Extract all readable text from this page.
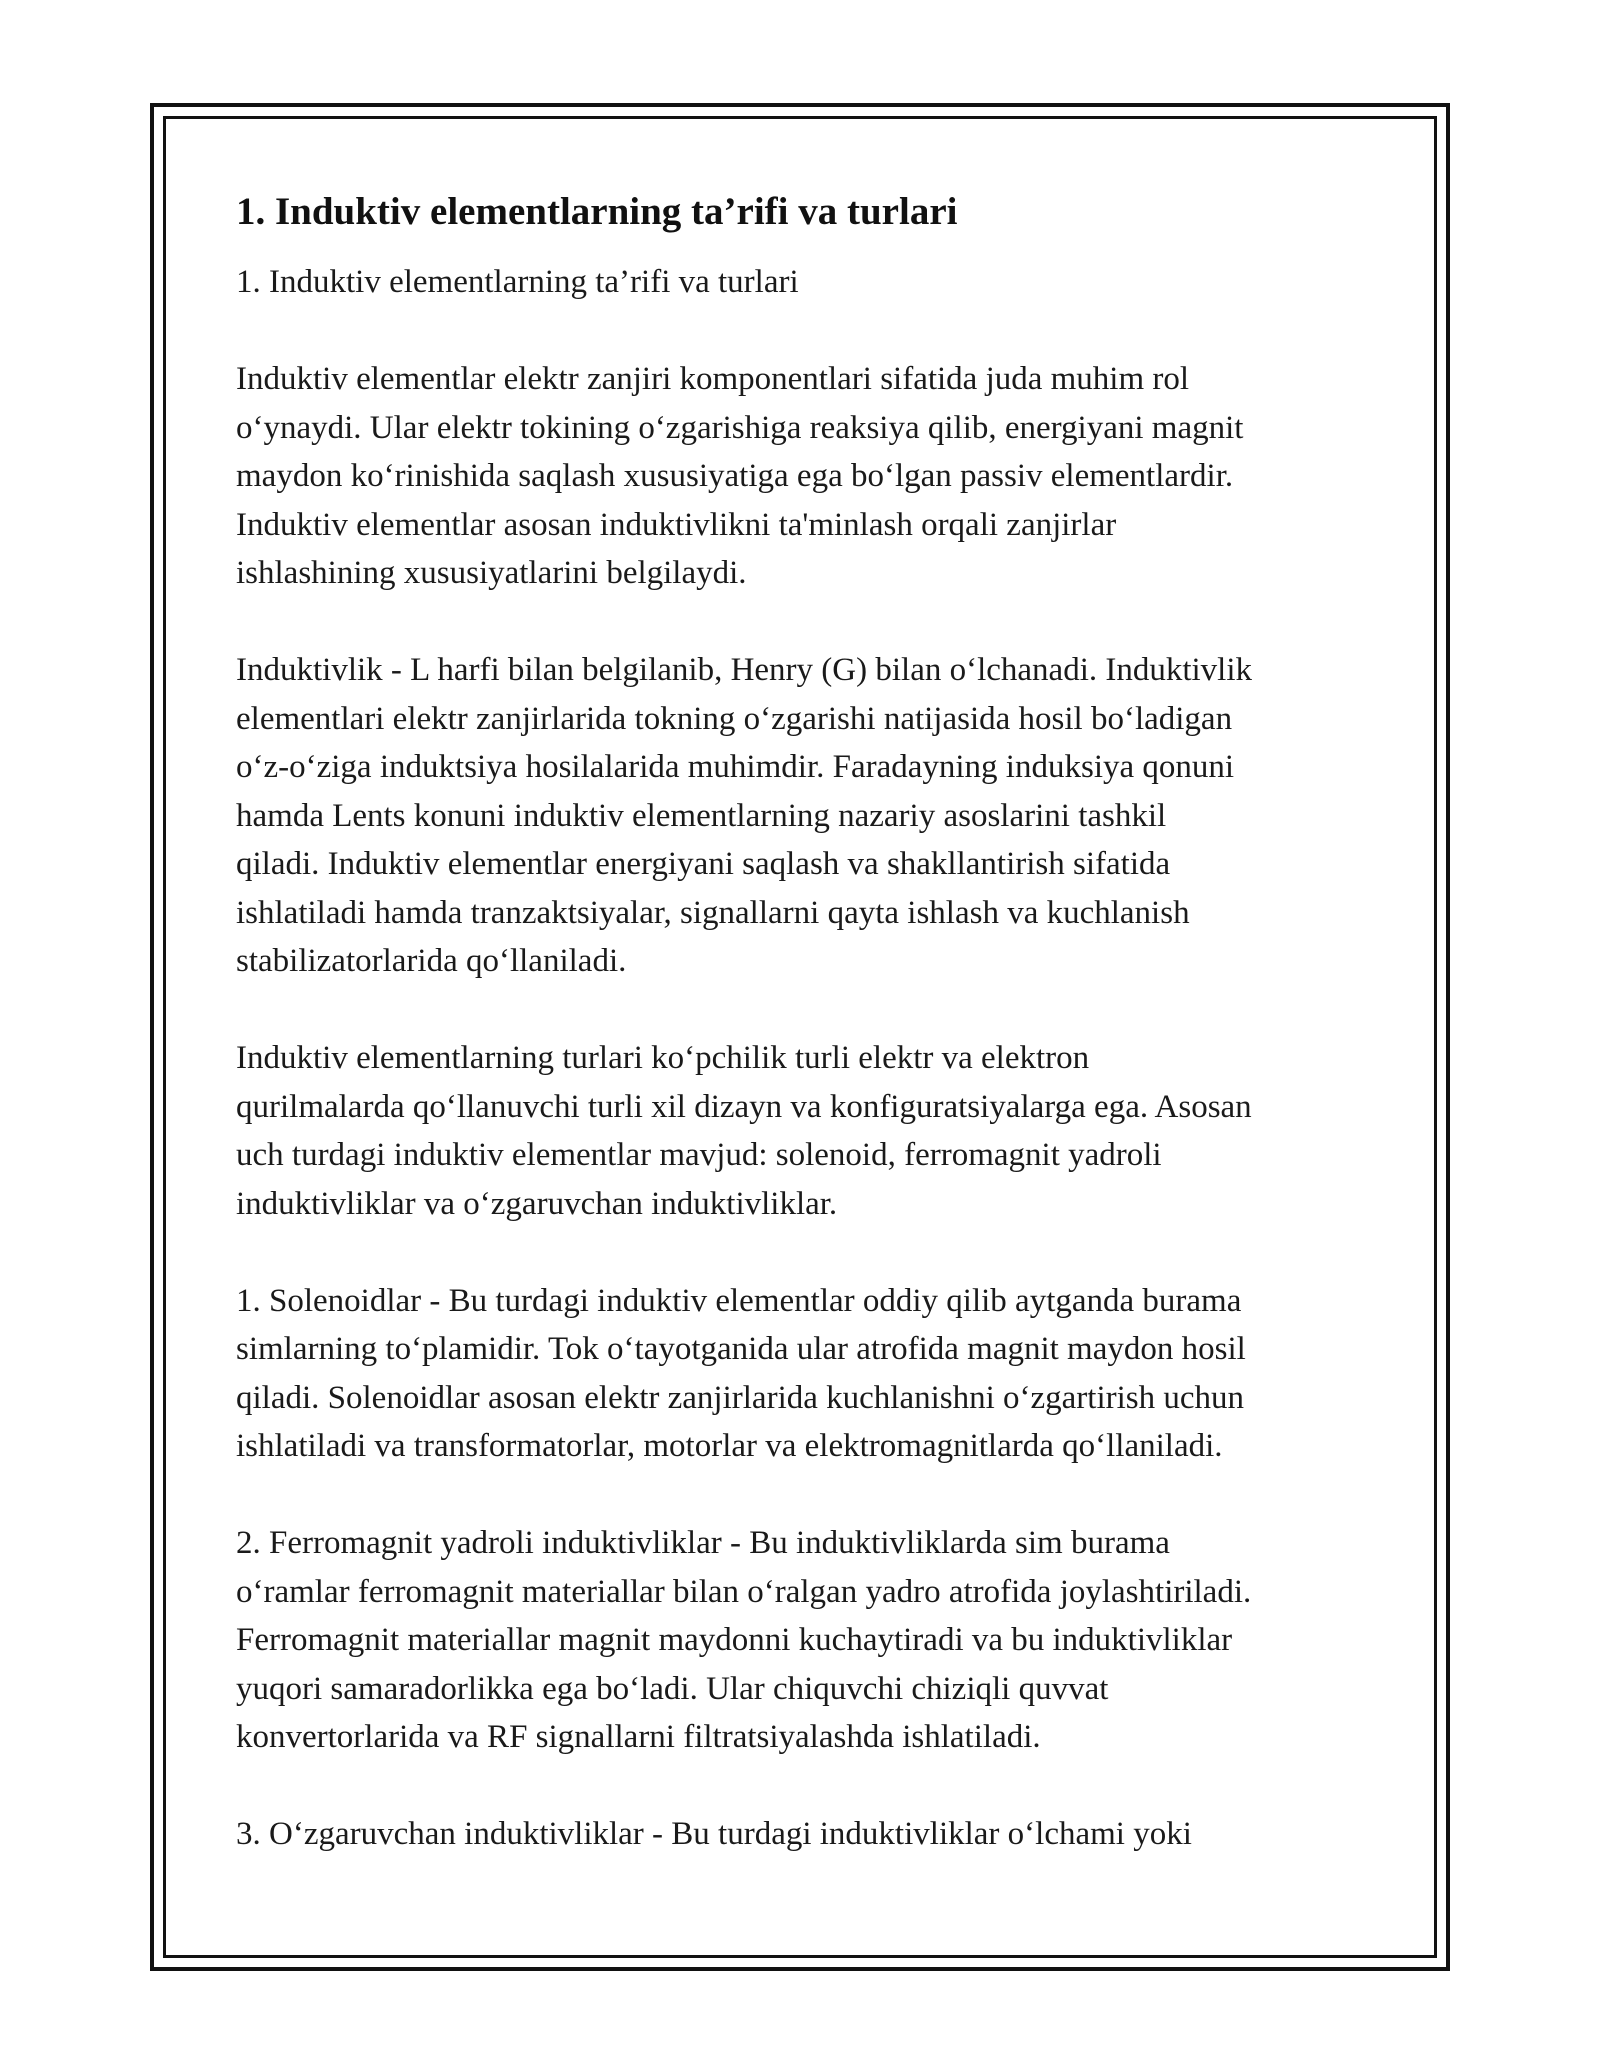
1. Induktiv elementlarning ta’rifi va turlari
1. Induktiv elementlarning ta’rifi va turlari
Induktiv elementlar elektr zanjiri komponentlari sifatida juda muhim rol
o‘ynaydi. Ular elektr tokining o‘zgarishiga reaksiya qilib, energiyani magnit
maydon ko‘rinishida saqlash xususiyatiga ega bo‘lgan passiv elementlardir.
Induktiv elementlar asosan induktivlikni ta'minlash orqali zanjirlar
ishlashining xususiyatlarini belgilaydi.
Induktivlik - L harfi bilan belgilanib, Henry (G) bilan o‘lchanadi. Induktivlik
elementlari elektr zanjirlarida tokning o‘zgarishi natijasida hosil bo‘ladigan
o‘z-o‘ziga induktsiya hosilalarida muhimdir. Faradayning induksiya qonuni
hamda Lents konuni induktiv elementlarning nazariy asoslarini tashkil
qiladi. Induktiv elementlar energiyani saqlash va shakllantirish sifatida
ishlatiladi hamda tranzaktsiyalar, signallarni qayta ishlash va kuchlanish
stabilizatorlarida qo‘llaniladi.
Induktiv elementlarning turlari ko‘pchilik turli elektr va elektron
qurilmalarda qo‘llanuvchi turli xil dizayn va konfiguratsiyalarga ega. Asosan
uch turdagi induktiv elementlar mavjud: solenoid, ferromagnit yadroli
induktivliklar va o‘zgaruvchan induktivliklar.
1. Solenoidlar - Bu turdagi induktiv elementlar oddiy qilib aytganda burama
simlarning to‘plamidir. Tok o‘tayotganida ular atrofida magnit maydon hosil
qiladi. Solenoidlar asosan elektr zanjirlarida kuchlanishni o‘zgartirish uchun
ishlatiladi va transformatorlar, motorlar va elektromagnitlarda qo‘llaniladi.
2. Ferromagnit yadroli induktivliklar - Bu induktivliklarda sim burama
o‘ramlar ferromagnit materiallar bilan o‘ralgan yadro atrofida joylashtiriladi.
Ferromagnit materiallar magnit maydonni kuchaytiradi va bu induktivliklar
yuqori samaradorlikka ega bo‘ladi. Ular chiquvchi chiziqli quvvat
konvertorlarida va RF signallarni filtratsiyalashda ishlatiladi.
3. O‘zgaruvchan induktivliklar - Bu turdagi induktivliklar o‘lchami yoki
